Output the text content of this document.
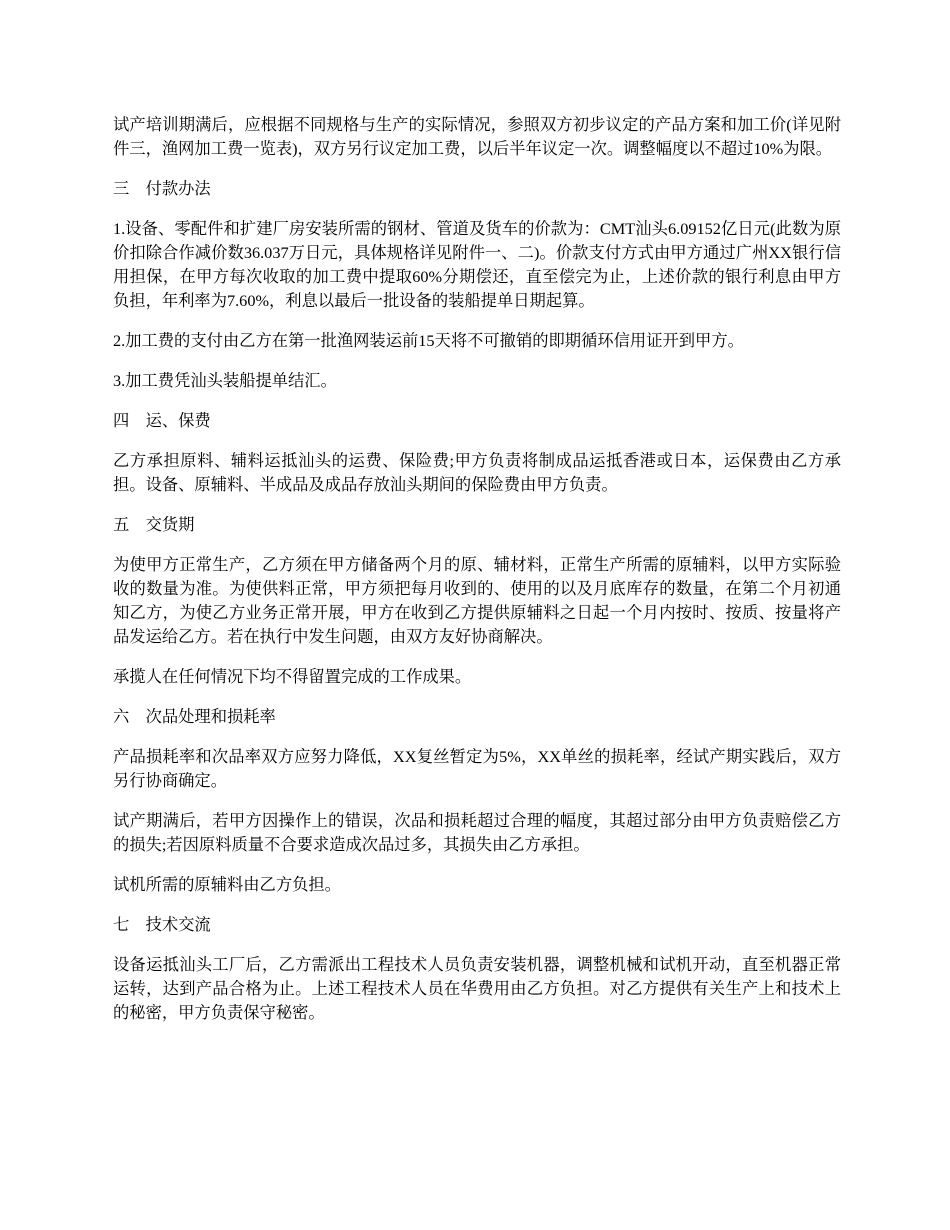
试产培训期满后，应根据不同规格与生产的实际情况，参照双方初步议定的产品方案和加工价(详见附件三，渔网加工费一览表)，双方另行议定加工费，以后半年议定一次。调整幅度以不超过10%为限。

三 付款办法

1.设备、零配件和扩建厂房安装所需的钢材、管道及货车的价款为：CMT汕头6.09152亿日元(此数为原价扣除合作减价数36.037万日元，具体规格详见附件一、二)。价款支付方式由甲方通过广州XX银行信用担保，在甲方每次收取的加工费中提取60%分期偿还，直至偿完为止，上述价款的银行利息由甲方负担，年利率为7.60%，利息以最后一批设备的装船提单日期起算。

2.加工费的支付由乙方在第一批渔网装运前15天将不可撤销的即期循环信用证开到甲方。

3.加工费凭汕头装船提单结汇。

四 运、保费

乙方承担原料、辅料运抵汕头的运费、保险费;甲方负责将制成品运抵香港或日本，运保费由乙方承担。设备、原辅料、半成品及成品存放汕头期间的保险费由甲方负责。

五 交货期

为使甲方正常生产，乙方须在甲方储备两个月的原、辅材料，正常生产所需的原辅料，以甲方实际验收的数量为准。为使供料正常，甲方须把每月收到的、使用的以及月底库存的数量，在第二个月初通知乙方，为使乙方业务正常开展，甲方在收到乙方提供原辅料之日起一个月内按时、按质、按量将产品发运给乙方。若在执行中发生问题，由双方友好协商解决。

承揽人在任何情况下均不得留置完成的工作成果。

六 次品处理和损耗率

产品损耗率和次品率双方应努力降低，XX复丝暂定为5%，XX单丝的损耗率，经试产期实践后，双方另行协商确定。

试产期满后，若甲方因操作上的错误，次品和损耗超过合理的幅度，其超过部分由甲方负责赔偿乙方的损失;若因原料质量不合要求造成次品过多，其损失由乙方承担。

试机所需的原辅料由乙方负担。

七 技术交流

设备运抵汕头工厂后，乙方需派出工程技术人员负责安装机器，调整机械和试机开动，直至机器正常运转，达到产品合格为止。上述工程技术人员在华费用由乙方负担。对乙方提供有关生产上和技术上的秘密，甲方负责保守秘密。
